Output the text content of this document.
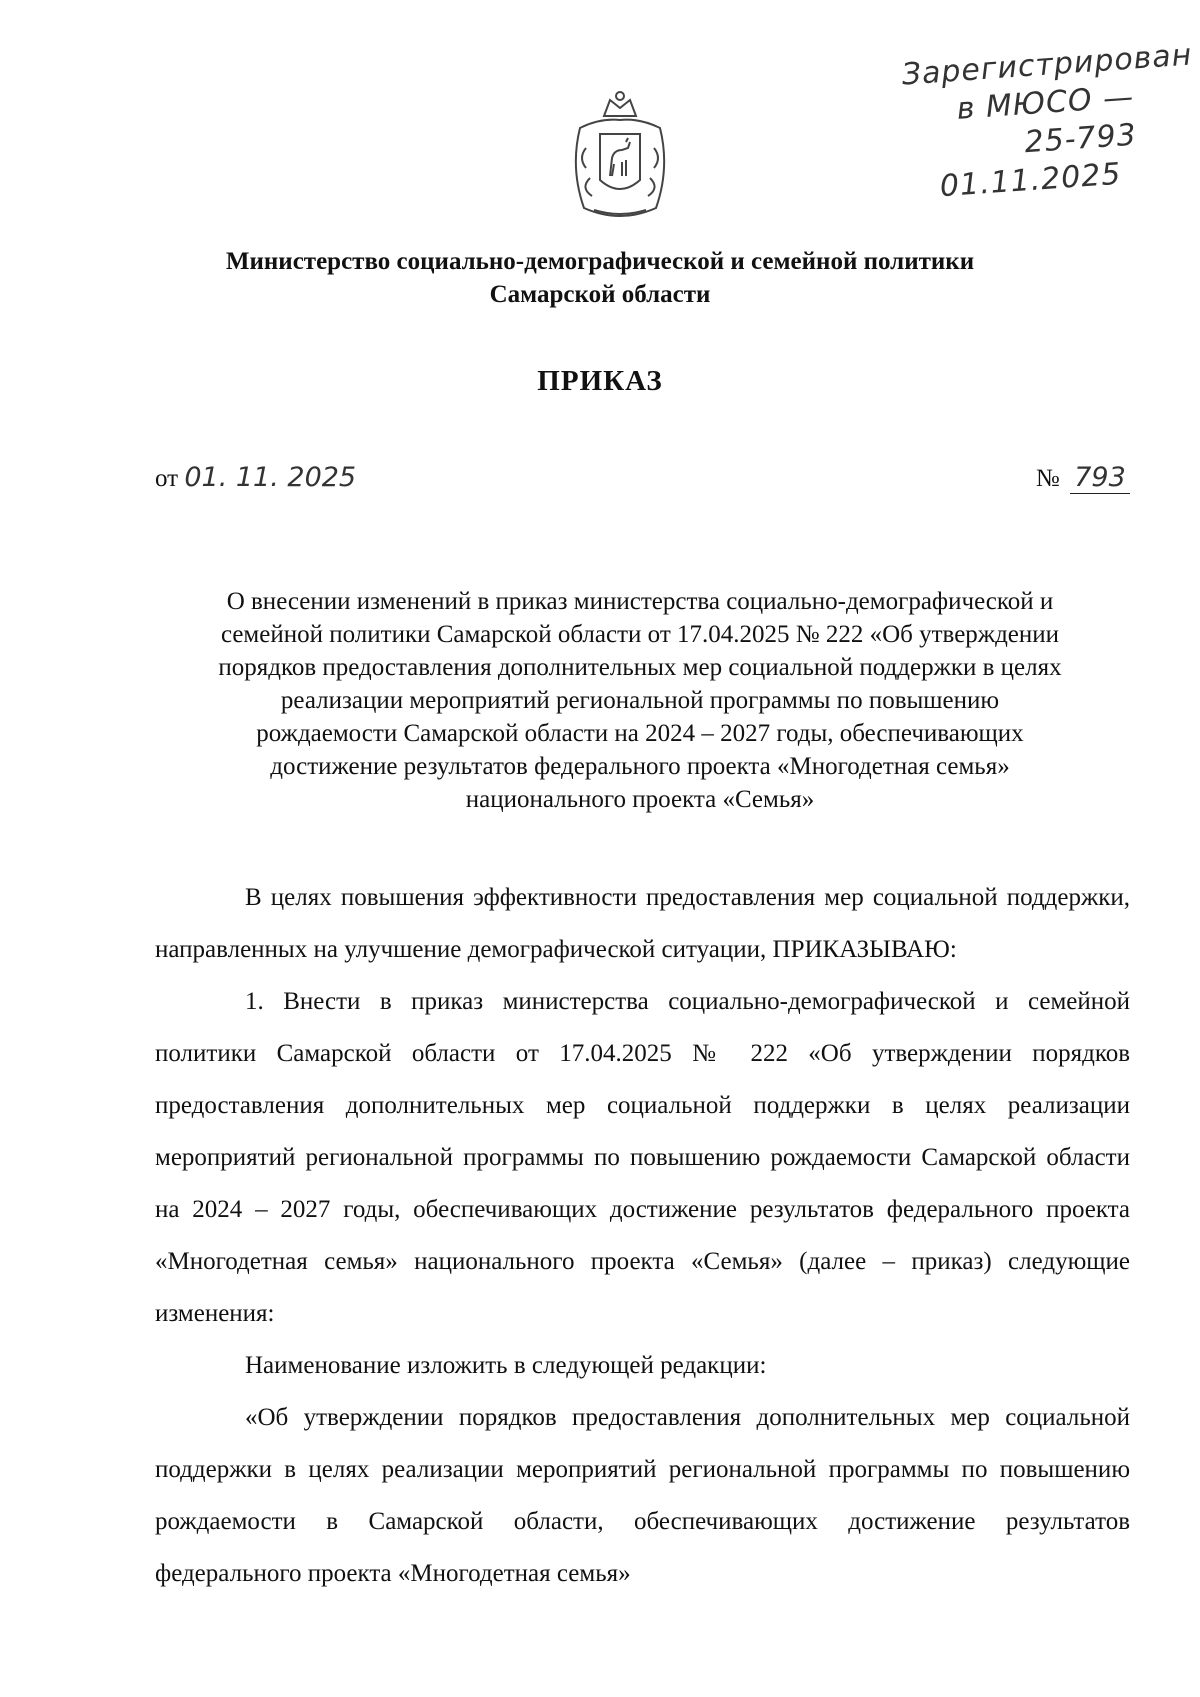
Зарегистрирован
в МЮСО — 25-793
01.11.2025
Министерство социально-демографической и семейной политики
Самарской области
ПРИКАЗ
от 01. 11. 2025	№ 793
О внесении изменений в приказ министерства социально-демографической и
семейной политики Самарской области от 17.04.2025 № 222 «Об утверждении
порядков предоставления дополнительных мер социальной поддержки в целях
реализации мероприятий региональной программы по повышению
рождаемости Самарской области на 2024 – 2027 годы, обеспечивающих
достижение результатов федерального проекта «Многодетная семья»
национального проекта «Семья»

В целях повышения эффективности предоставления мер социальной поддержки, направленных на улучшение демографической ситуации, ПРИКАЗЫВАЮ:

1. Внести в приказ министерства социально-демографической и семейной политики Самарской области от 17.04.2025 № 222 «Об утверждении порядков предоставления дополнительных мер социальной поддержки в целях реализации мероприятий региональной программы по повышению рождаемости Самарской области на 2024 – 2027 годы, обеспечивающих достижение результатов федерального проекта «Многодетная семья» национального проекта «Семья» (далее – приказ) следующие изменения:

Наименование изложить в следующей редакции:

«Об утверждении порядков предоставления дополнительных мер социальной поддержки в целях реализации мероприятий региональной программы по повышению рождаемости в Самарской области, обеспечивающих достижение результатов федерального проекта «Многодетная семья»
